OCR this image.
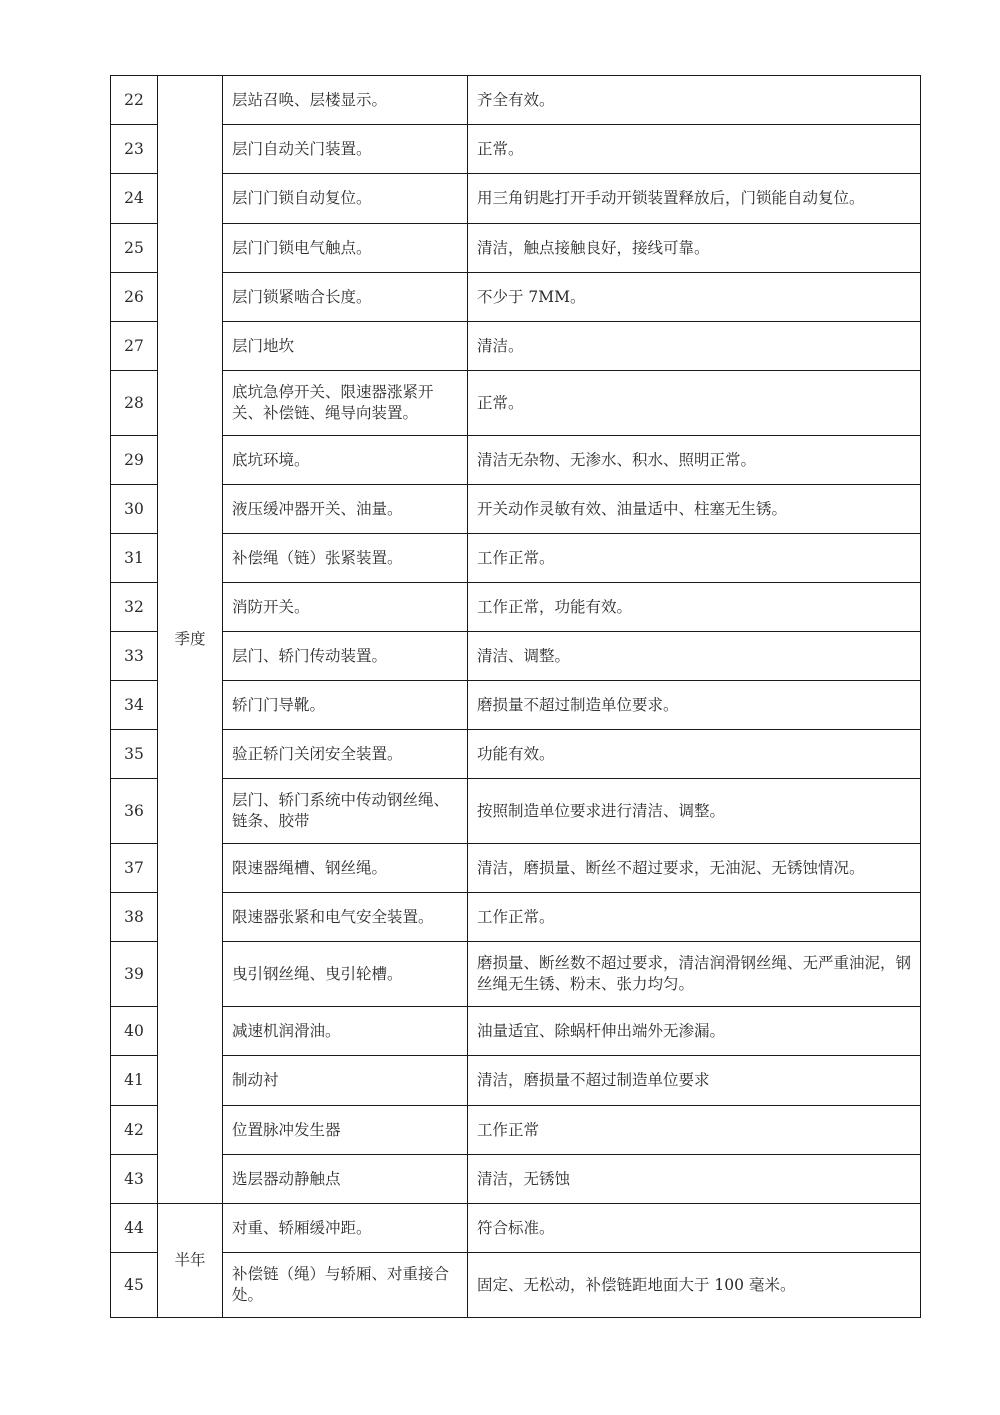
22	季度	层站召唤、层楼显示。	齐全有效。
23		层门自动关门装置。	正常。
24		层门门锁自动复位。	用三角钥匙打开手动开锁装置释放后，门锁能自动复位。
25		层门门锁电气触点。	清洁，触点接触良好，接线可靠。
26		层门锁紧啮合长度。	不少于 7MM。
27		层门地坎	清洁。
28		底坑急停开关、限速器涨紧开关、补偿链、绳导向装置。	正常。
29		底坑环境。	清洁无杂物、无渗水、积水、照明正常。
30		液压缓冲器开关、油量。	开关动作灵敏有效、油量适中、柱塞无生锈。
31		补偿绳（链）张紧装置。	工作正常。
32		消防开关。	工作正常，功能有效。
33		层门、轿门传动装置。	清洁、调整。
34		轿门门导靴。	磨损量不超过制造单位要求。
35		验正轿门关闭安全装置。	功能有效。
36		层门、轿门系统中传动钢丝绳、链条、胶带	按照制造单位要求进行清洁、调整。
37		限速器绳槽、钢丝绳。	清洁，磨损量、断丝不超过要求，无油泥、无锈蚀情况。
38		限速器张紧和电气安全装置。	工作正常。
39		曳引钢丝绳、曳引轮槽。	磨损量、断丝数不超过要求，清洁润滑钢丝绳、无严重油泥，钢丝绳无生锈、粉末、张力均匀。
40		减速机润滑油。	油量适宜、除蜗杆伸出端外无渗漏。
41		制动衬	清洁，磨损量不超过制造单位要求
42		位置脉冲发生器	工作正常
43		选层器动静触点	清洁，无锈蚀
44	半年	对重、轿厢缓冲距。	符合标准。
45		补偿链（绳）与轿厢、对重接合处。	固定、无松动，补偿链距地面大于 100 毫米。
